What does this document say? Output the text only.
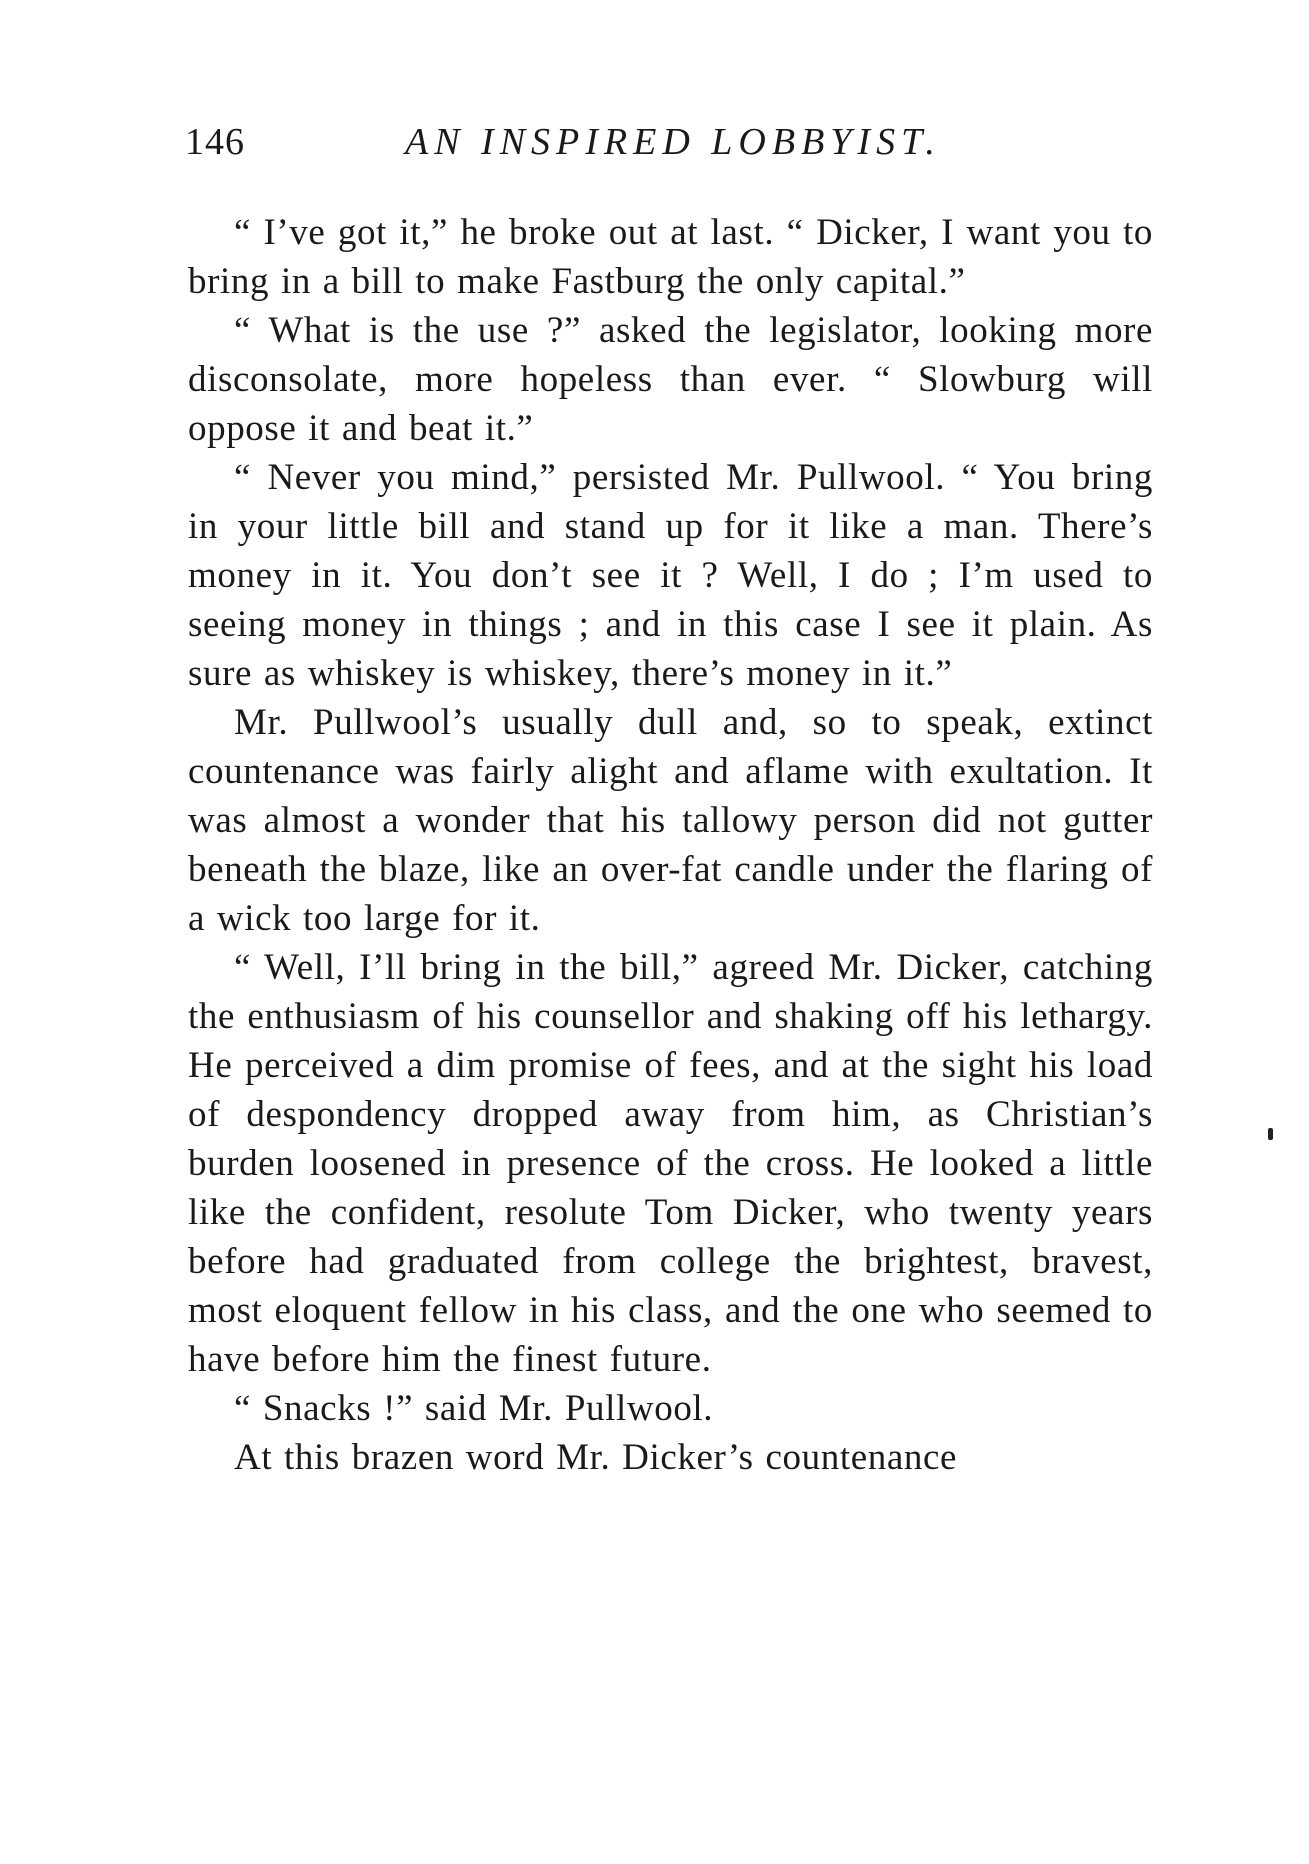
146	AN INSPIRED LOBBYIST.

“ I’ve got it,” he broke out at last. “ Dicker, I want you to bring in a bill to make Fastburg the only capital.”

“ What is the use ?” asked the legislator, looking more disconsolate, more hopeless than ever. “ Slowburg will oppose it and beat it.”

“ Never you mind,” persisted Mr. Pullwool. “ You bring in your little bill and stand up for it like a man. There’s money in it. You don’t see it ? Well, I do ; I’m used to seeing money in things ; and in this case I see it plain. As sure as whiskey is whiskey, there’s money in it.”

Mr. Pullwool’s usually dull and, so to speak, extinct countenance was fairly alight and aflame with exultation. It was almost a wonder that his tallowy person did not gutter beneath the blaze, like an over-fat candle under the flaring of a wick too large for it.

“ Well, I’ll bring in the bill,” agreed Mr. Dicker, catching the enthusiasm of his counsellor and shaking off his lethargy. He perceived a dim promise of fees, and at the sight his load of despondency dropped away from him, as Christian’s burden loosened in presence of the cross. He looked a little like the confident, resolute Tom Dicker, who twenty years before had graduated from college the brightest, bravest, most eloquent fellow in his class, and the one who seemed to have before him the finest future.

“ Snacks !” said Mr. Pullwool.

At this brazen word Mr. Dicker’s countenance
